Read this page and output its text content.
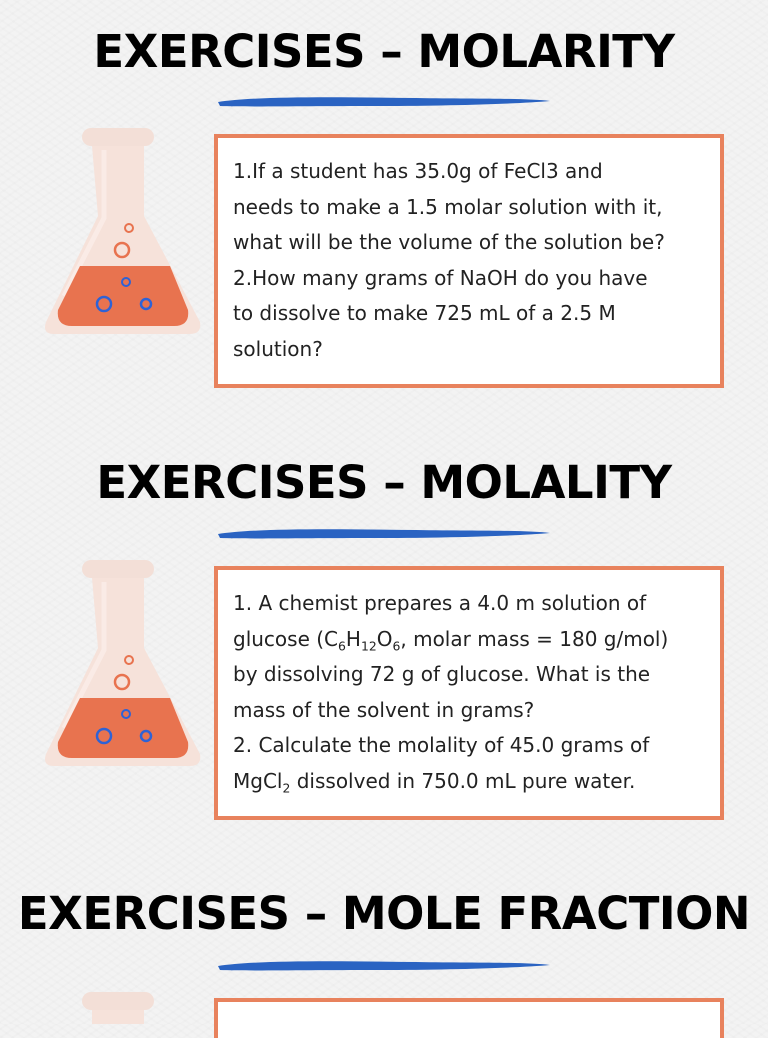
EXERCISES – MOLARITY
1.If a student has 35.0g of FeCl3 and
needs to make a 1.5 molar solution with it,
what will be the volume of the solution be?
2.How many grams of NaOH do you have
to dissolve to make 725 mL of a 2.5 M
solution?
EXERCISES – MOLALITY
1. A chemist prepares a 4.0 m solution of
glucose ($C_6H_{12}O_6$, molar mass = 180 g/mol)
by dissolving 72 g of glucose. What is the
mass of the solvent in grams?
2. Calculate the molality of 45.0 grams of
MgCl$_2$ dissolved in 750.0 mL pure water.
EXERCISES – MOLE FRACTION
